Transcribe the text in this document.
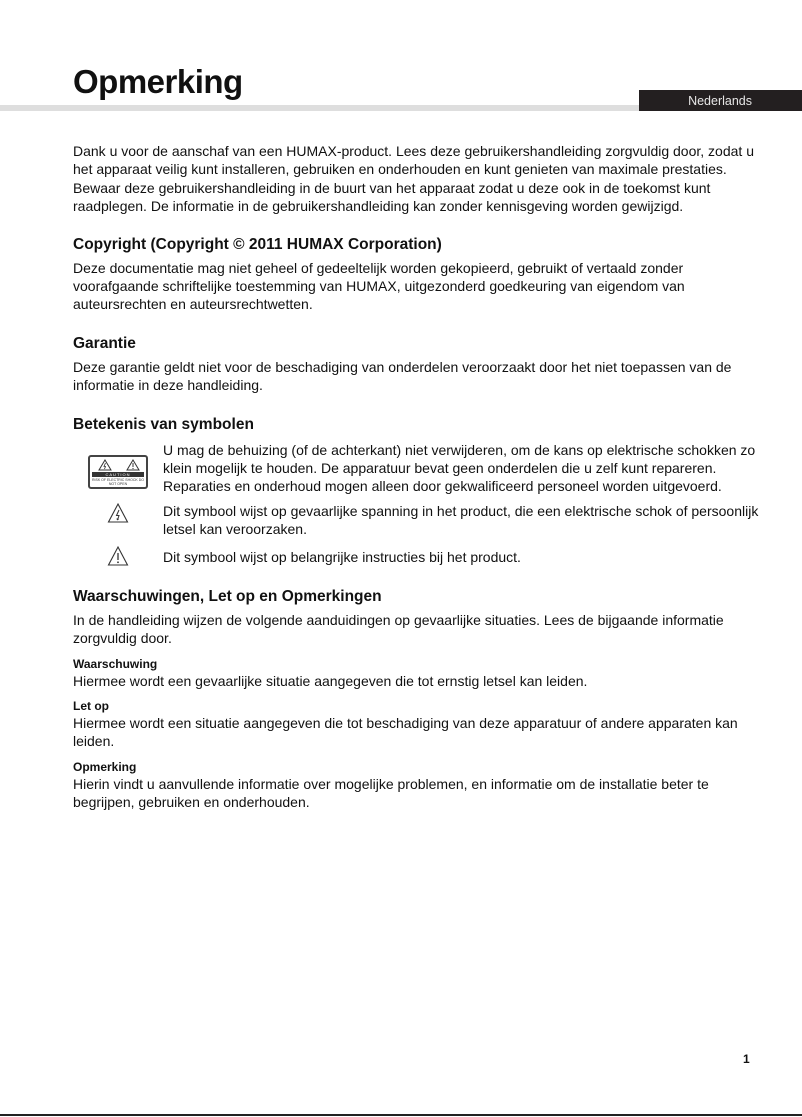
Opmerking
Nederlands

Dank u voor de aanschaf van een HUMAX-product. Lees deze gebruikershandleiding zorgvuldig door, zodat u het apparaat veilig kunt installeren, gebruiken en onderhouden en kunt genieten van maximale prestaties. Bewaar deze gebruikershandleiding in de buurt van het apparaat zodat u deze ook in de toekomst kunt raadplegen. De informatie in de gebruikershandleiding kan zonder kennisgeving worden gewijzigd.

Copyright (Copyright © 2011 HUMAX Corporation)

Deze documentatie mag niet geheel of gedeeltelijk worden gekopieerd, gebruikt of vertaald zonder voorafgaande schriftelijke toestemming van HUMAX, uitgezonderd goedkeuring van eigendom van auteursrechten en auteursrechtwetten.

Garantie

Deze garantie geldt niet voor de beschadiging van onderdelen veroorzaakt door het niet toepassen van de informatie in deze handleiding.

Betekenis van symbolen
CAUTION
RISK OF ELECTRIC SHOCK DO NOT OPEN

U mag de behuizing (of de achterkant) niet verwijderen, om de kans op elektrische schokken zo klein mogelijk te houden. De apparatuur bevat geen onderdelen die u zelf kunt repareren. Reparaties en onderhoud mogen alleen door gekwalificeerd personeel worden uitgevoerd.

Dit symbool wijst op gevaarlijke spanning in het product, die een elektrische schok of persoonlijk letsel kan veroorzaken.

Dit symbool wijst op belangrijke instructies bij het product.

Waarschuwingen, Let op en Opmerkingen

In de handleiding wijzen de volgende aanduidingen op gevaarlijke situaties. Lees de bijgaande informatie zorgvuldig door.

Waarschuwing

Hiermee wordt een gevaarlijke situatie aangegeven die tot ernstig letsel kan leiden.

Let op

Hiermee wordt een situatie aangegeven die tot beschadiging van deze apparatuur of andere apparaten kan leiden.

Opmerking

Hierin vindt u aanvullende informatie over mogelijke problemen, en informatie om de installatie beter te begrijpen, gebruiken en onderhouden.

1
